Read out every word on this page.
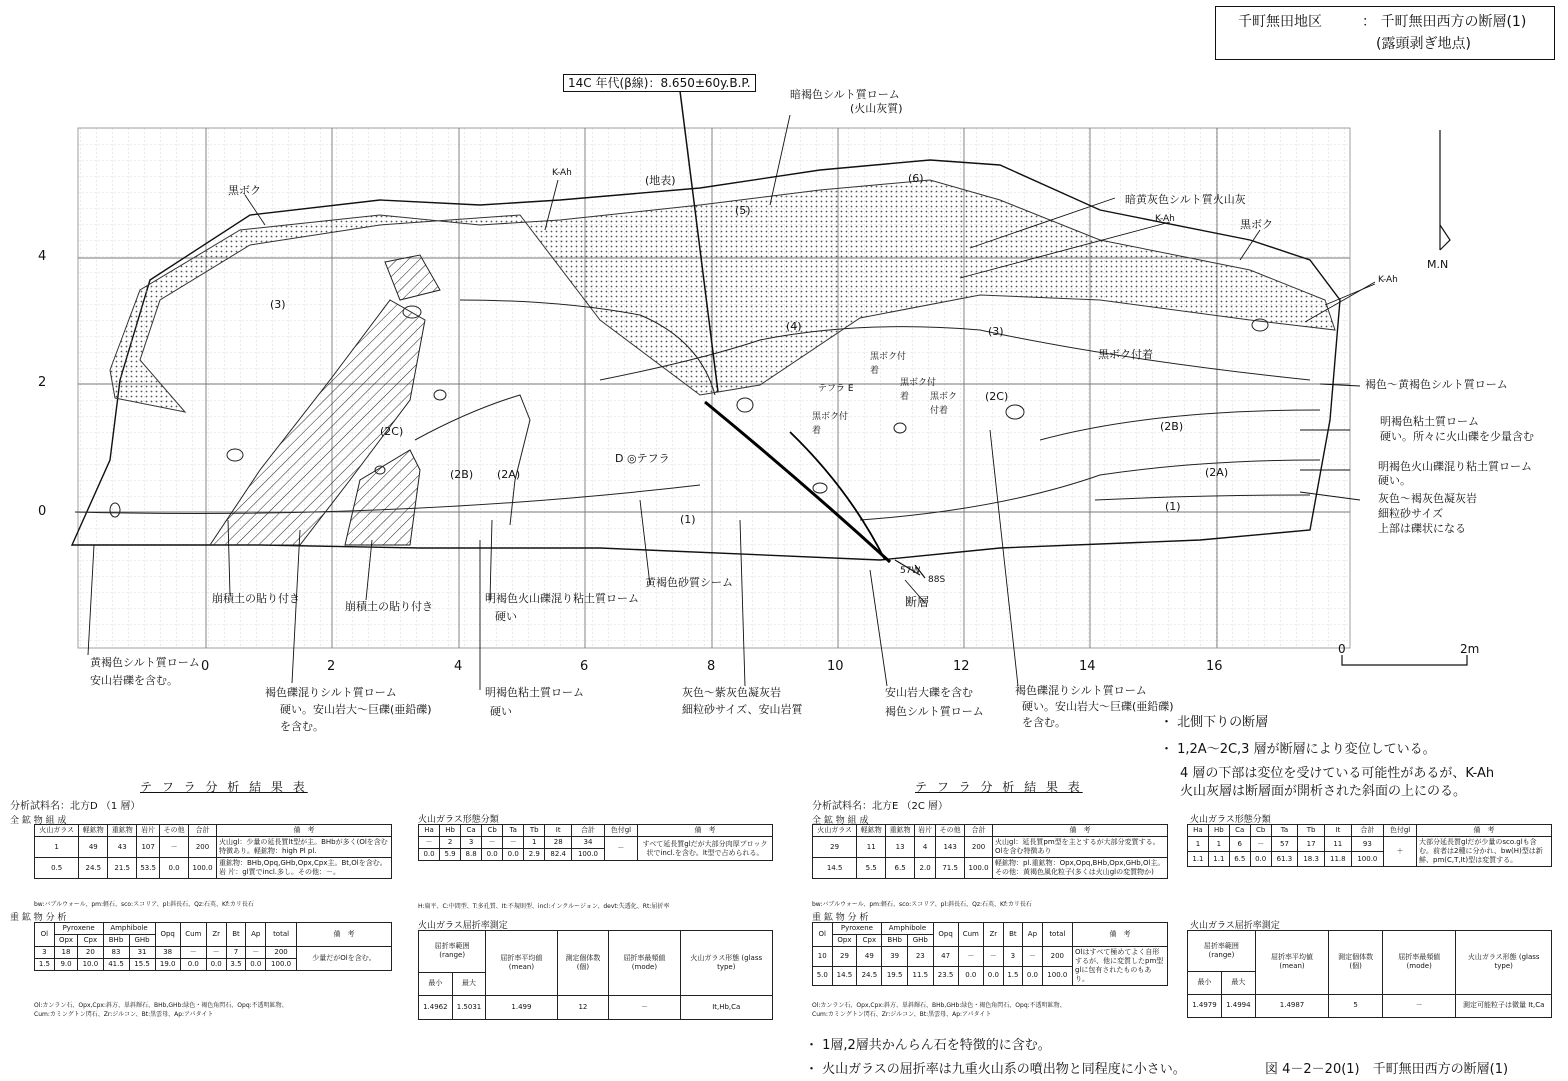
千町無田地区	： 千町無田西方の断層(1)
(露頭剥ぎ地点)
4
2
0
0	2	4	6	8	10	12	14	16
0	2m
M.N
14C 年代(β線)：8.650±60y.B.P.
(地表)	(6)
(5)
(4)
(3)
(3)
(2C)
(2C)
(2B)
(2B)
(2A)	(2A)
(1)
(1)
D ◎テフラ
テフラ E
黒ボク
黒ボク
K-Ah
K-Ah
K-Ah
暗褐色シルト質ローム
(火山灰質)
暗黄灰色シルト質火山灰
黒ボク付着
黒ボク付着
黒ボク付着	黒ボク付着
黒ボク付着
褐色～黄褐色シルト質ローム
明褐色粘土質ローム
硬い。所々に火山礫を少量含む
明褐色火山礫混り粘土質ローム
硬い。
灰色～褐灰色凝灰岩
細粒砂サイズ
上部は礫状になる
黄褐色シルト質ローム
安山岩礫を含む。
崩積土の貼り付き
崩積土の貼り付き
褐色礫混りシルト質ローム
硬い。安山岩大～巨礫(亜鉛礫)
を含む。
明褐色火山礫混り粘土質ローム
硬い
明褐色粘土質ローム
硬い
黄褐色砂質シーム
灰色～紫灰色凝灰岩
細粒砂サイズ、安山岩質
安山岩大礫を含む
褐色シルト質ローム
断層
57W
88S
褐色礫混りシルト質ローム
硬い。安山岩大～巨礫(亜鉛礫)
を含む。	・ 北側下りの断層
・ 1,2A～2C,3 層が断層により変位している。
4 層の下部は変位を受けている可能性があるが、K-Ah
火山灰層は断層面が開析された斜面の上にのる。
・ 1層,2層共かんらん石を特徴的に含む。
・ 火山ガラスの屈折率は九重火山系の噴出物と同程度に小さい。	図 4－2－20(1)　千町無田西方の断層(1)
テ フ ラ 分 析 結 果 表
分析試料名：北方D （1 層）
全 鉱 物 組 成
火山ガラス	軽鉱物	重鉱物	岩片	その他	合計	備　考
1	49	43	107	－	200	火山gl：少量の延長質lt型が主。BHbが多く(Olを含む特徴あり。軽鉱物：high Pl pl.
0.5	24.5	21.5	53.5	0.0	100.0	重鉱物：BHb,Opq,GHb,Opx,Cpx主。Bt,Olを含む。岩 片：gl質でincl.多し。その他：－。
bw:バブルウォール、pm:軽石、sco:スコリア、pl:斜長石、Qz:石英、Kf:カリ長石
重 鉱 物 分 析
Ol	Pyroxene		Amphibole		Opq	Cum	Zr	Bt	Ap	total	備　考
	Opx	Cpx	BHb	GHb							
3	18	20	83	31	38	－	－	7	－	200	少量だがOlを含む。
1.5	9.0	10.0	41.5	15.5	19.0	0.0	0.0	3.5	0.0	100.0	
Ol:カンラン石、Opx,Cpx:斜方、単斜輝石、BHb,GHb:緑色・褐色角閃石、Opq:不透明鉱物、
Cum:カミングトン閃石、Zr:ジルコン、Bt:黒雲母、Ap:アパタイト
火山ガラス形態分類
Ha	Hb	Ca	Cb	Ta	Tb	It	合計	色付gl	備　考
－	2	3	－	－	1	28	34	－	すべて延長質glだが大部分肉厚ブロック状でincl.を含む。lt型で占められる。
0.0	5.9	8.8	0.0	0.0	2.9	82.4	100.0		
H:扁平、C:中間型、T:多孔質、It:不規則型、incl:インクルージョン、devt:失透化、Rt:屈折率
火山ガラス屈折率測定
屈折率範囲 (range)		屈折率平均値 (mean)	測定個体数 (個)	屈折率最頻値 (mode)	火山ガラス形態 (glass type)
最小	最大				
1.4962	1.5031	1.499	12	－	It,Hb,Ca
テ フ ラ 分 析 結 果 表
分析試料名：北方E （2C 層）
全 鉱 物 組 成
火山ガラス	軽鉱物	重鉱物	岩片	その他	合計	備　考
29	11	13	4	143	200	火山gl：延長質pm型を主とするが大部分変質する。Olを含む特徴あり
14.5	5.5	6.5	2.0	71.5	100.0	軽鉱物：pl.重鉱物：Opx,Opq,BHb,Opx,GHb,Ol主。その他：黄褐色風化粒子(多くは火山glの変質物か)
bw:バブルウォール、pm:軽石、sco:スコリア、pl:斜長石、Qz:石英、Kf:カリ長石
重 鉱 物 分 析
Ol	Pyroxene		Amphibole		Opq	Cum	Zr	Bt	Ap	total	備　考
	Opx	Cpx	BHb	GHb							
10	29	49	39	23	47	－	－	3	－	200	Olはすべて極めてよく自形するが、他に変質したpm型glに包有されたものもあり。
5.0	14.5	24.5	19.5	11.5	23.5	0.0	0.0	1.5	0.0	100.0	
Ol:カンラン石、Opx,Cpx:斜方、単斜輝石、BHb,GHb:緑色・褐色角閃石、Opq:不透明鉱物、
Cum:カミングトン閃石、Zr:ジルコン、Bt:黒雲母、Ap:アパタイト
火山ガラス形態分類
Ha	Hb	Ca	Cb	Ta	Tb	It	合計	色付gl	備　考
1	1	6	－	57	17	11	93	＋	大部分延長質glだが少量のsco.glも含む。前者は2種に分かれ、bw(H)型は新鮮、pm(C,T,It)型は変質する。
1.1	1.1	6.5	0.0	61.3	18.3	11.8	100.0		
火山ガラス屈折率測定
屈折率範囲 (range)		屈折率平均値 (mean)	測定個体数 (個)	屈折率最頻値 (mode)	火山ガラス形態 (glass type)
最小	最大				
1.4979	1.4994	1.4987	5	－	測定可能粒子は微量 It,Ca
